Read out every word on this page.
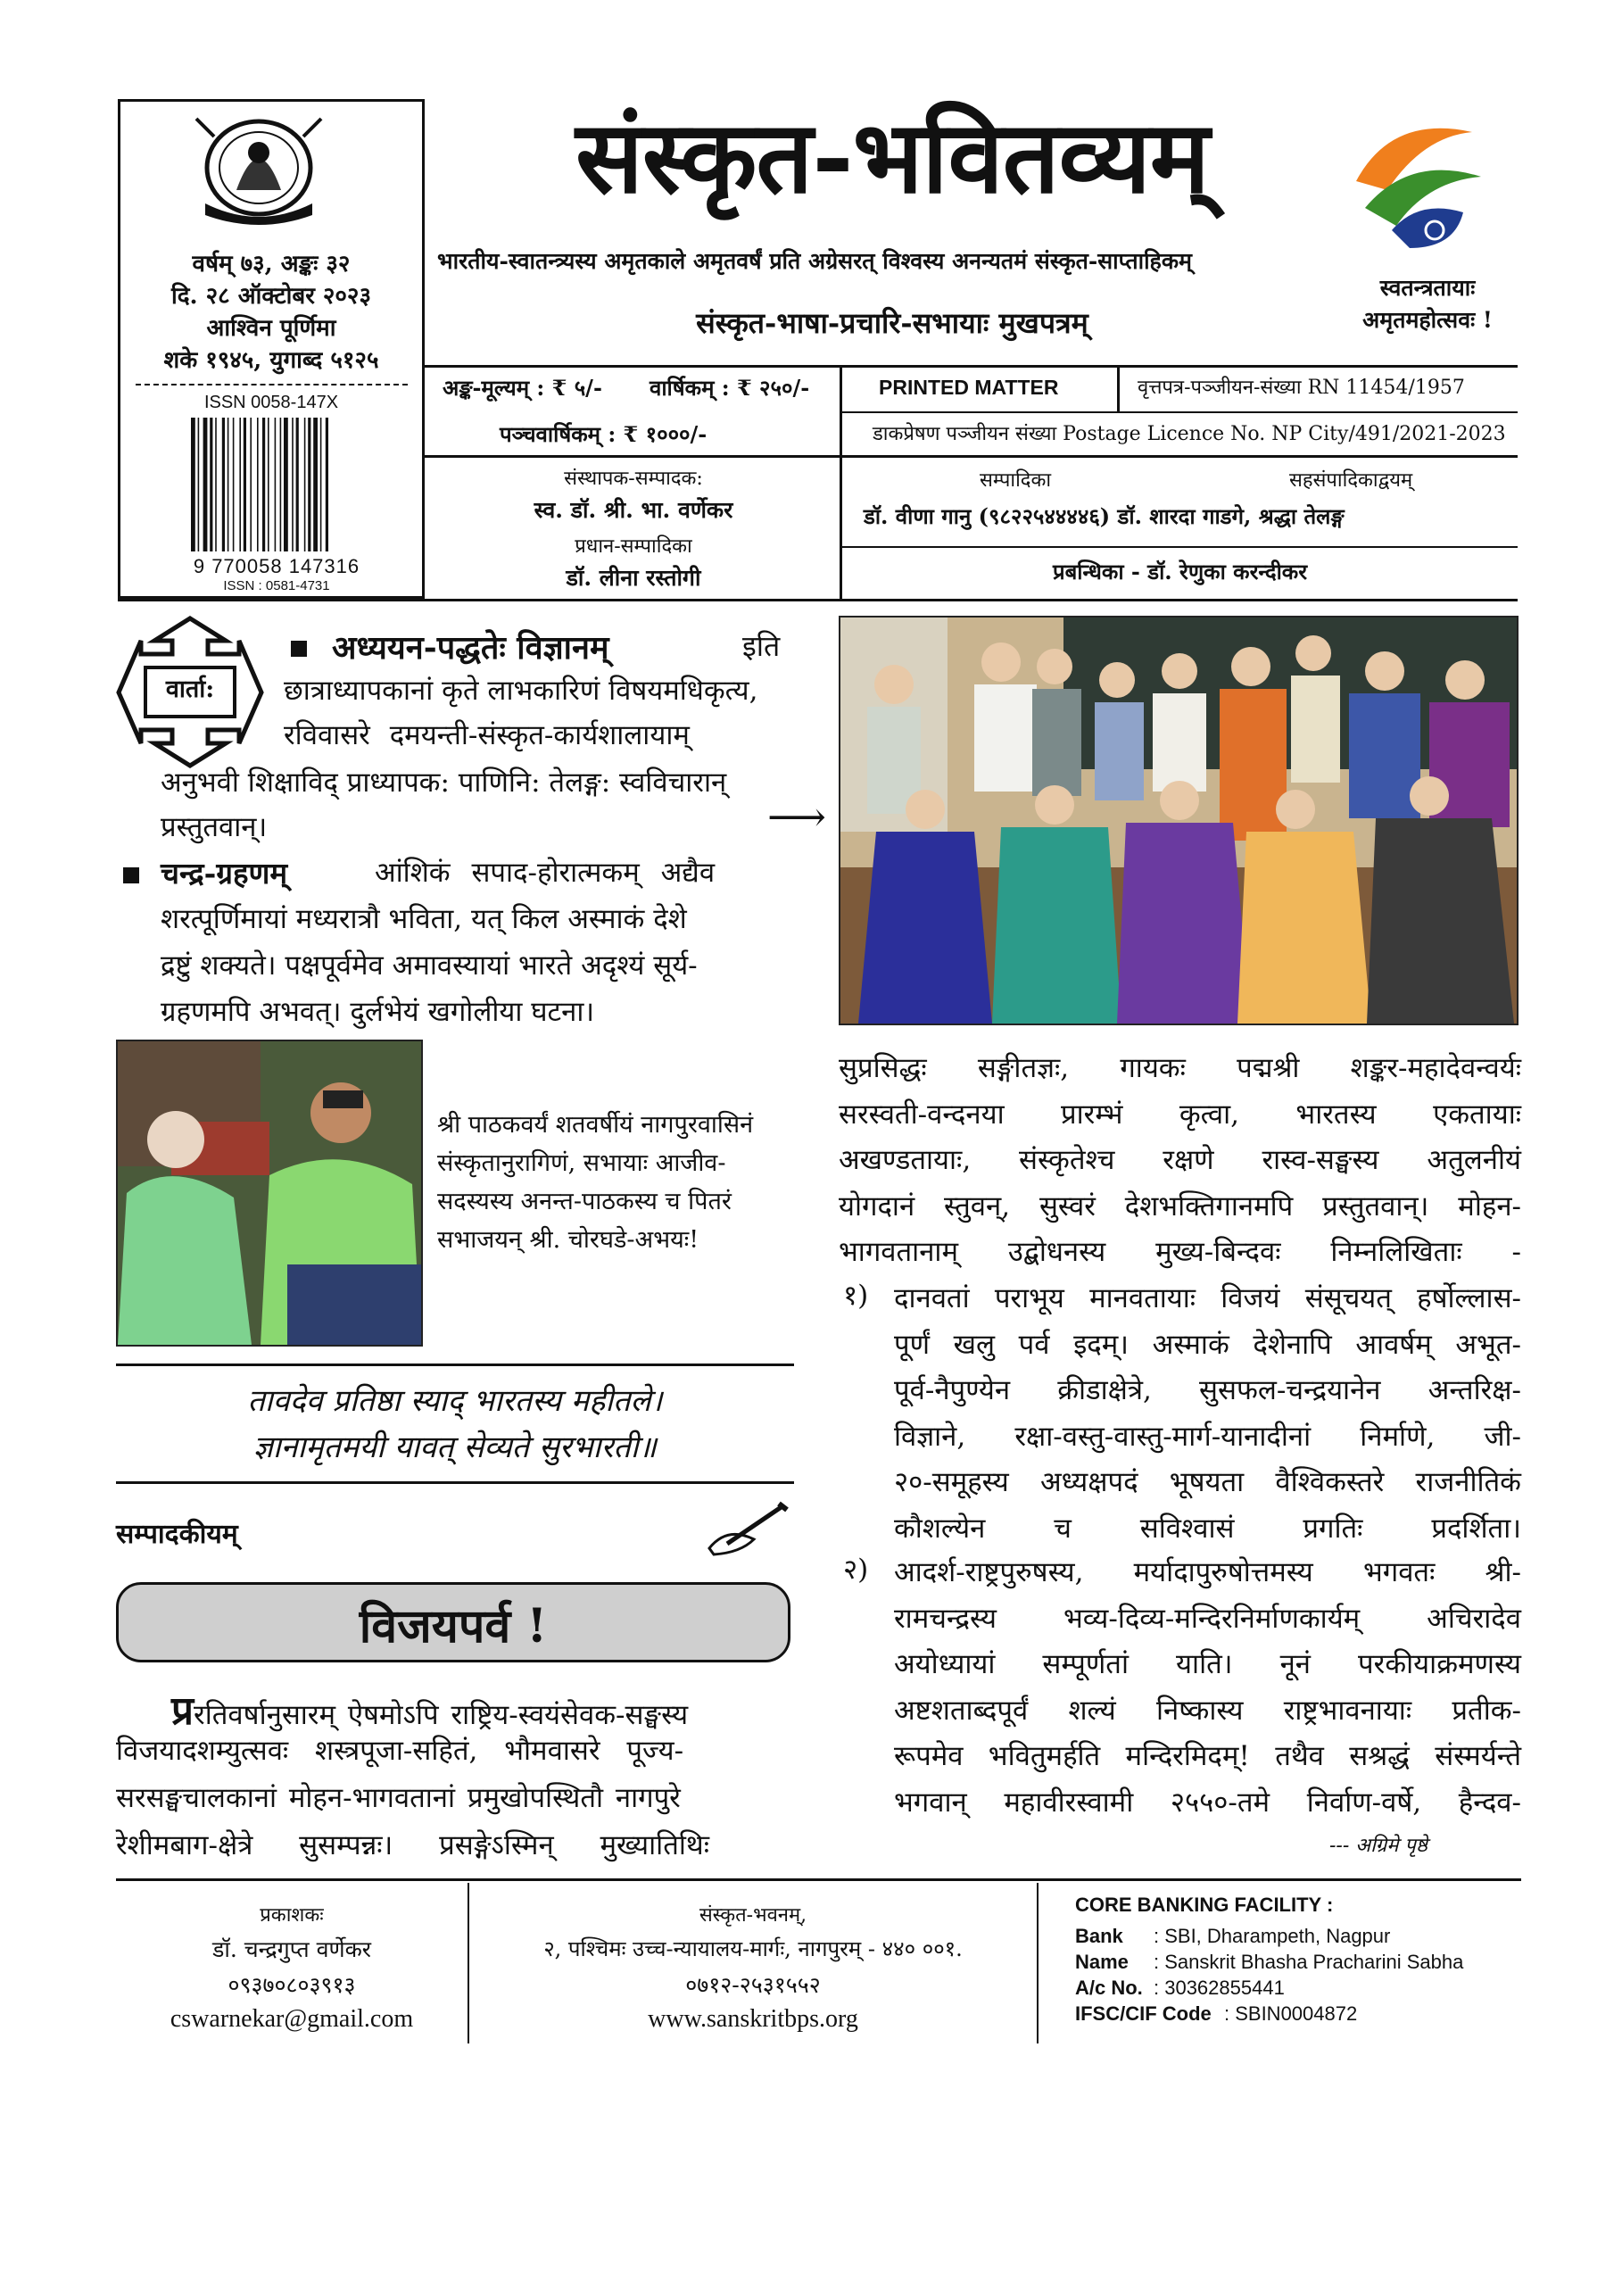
वर्षम् ७३, अङ्कः ३२
दि. २८ ऑक्टोबर २०२३
आश्विन पूर्णिमा
शके १९४५, युगाब्द ५१२५
ISSN 0058-147X
9 770058 147316
ISSN : 0581-4731
संस्कृत-भवितव्यम्
भारतीय-स्वातन्त्र्यस्य अमृतकाले अमृतवर्षं प्रति अग्रेसरत् विश्वस्य अनन्यतमं संस्कृत-साप्ताहिकम्
संस्कृत-भाषा-प्रचारि-सभायाः मुखपत्रम्
स्वतन्त्रतायाः अमृतमहोत्सवः !
अङ्क-मूल्यम् : ₹ ५/- वार्षिकम् : ₹ २५०/-
पञ्चवार्षिकम् : ₹ १०००/-
PRINTED MATTER	वृत्तपत्र-पञ्जीयन-संख्या RN 11454/1957
डाकप्रेषण पञ्जीयन संख्या Postage Licence No. NP City/491/2021-2023
संस्थापक-सम्पादक:
स्व. डॉ. श्री. भा. वर्णेकर
प्रधान-सम्पादिका
डॉ. लीना रस्तोगी
सम्पादिका	सहसंपादिकाद्वयम्
डॉ. वीणा गानु (९८२२५४४४४६) डॉ. शारदा गाडगे, श्रद्धा तेलङ्ग
प्रबन्धिका - डॉ. रेणुका करन्दीकर
वार्ता:
अध्ययन-पद्धतेः विज्ञानम्	इति
छात्राध्यापकानां कृते लाभकारिणं विषयमधिकृत्य,
रविवासरे दमयन्ती-संस्कृत-कार्यशालायाम्
अनुभवी शिक्षाविद् प्राध्यापक: पाणिनि: तेलङ्ग: स्वविचारान्
प्रस्तुतवान्।	⟶
चन्द्र-ग्रहणम्	आंशिकं सपाद-होरात्मकम् अद्यैव
शरत्पूर्णिमायां मध्यरात्रौ भविता, यत् किल अस्माकं देशे
द्रष्टुं शक्यते। पक्षपूर्वमेव अमावस्यायां भारते अदृश्यं सूर्य-
ग्रहणमपि अभवत्। दुर्लभेयं खगोलीया घटना।
श्री पाठकवर्यं शतवर्षीयं नागपुरवासिनं
संस्कृतानुरागिणं, सभायाः आजीव-
सदस्यस्य अनन्त-पाठकस्य च पितरं
सभाजयन् श्री. चोरघडे-अभयः!
तावदेव प्रतिष्ठा स्याद् भारतस्य महीतले।
ज्ञानामृतमयी यावत् सेव्यते सुरभारती॥
सम्पादकीयम्
विजयपर्व !
प्ररतिवर्षानुसारम् ऐषमोऽपि राष्ट्रिय-स्वयंसेवक-सङ्घस्य
विजयादशम्युत्सवः शस्त्रपूजा-सहितं, भौमवासरे पूज्य-
सरसङ्घचालकानां मोहन-भागवतानां प्रमुखोपस्थितौ नागपुरे
रेशीमबाग-क्षेत्रे सुसम्पन्नः। प्रसङ्गेऽस्मिन् मुख्यातिथिः
सुप्रसिद्धः सङ्गीतज्ञः, गायकः पद्मश्री शङ्कर-महादेवन्वर्यः
सरस्वती-वन्दनया प्रारम्भं कृत्वा, भारतस्य एकतायाः
अखण्डतायाः, संस्कृतेश्च रक्षणे रास्व-सङ्घस्य अतुलनीयं
योगदानं स्तुवन्, सुस्वरं देशभक्तिगानमपि प्रस्तुतवान्। मोहन-
भागवतानाम् उद्बोधनस्य मुख्य-बिन्दवः निम्नलिखिताः -
१) दानवतां पराभूय मानवतायाः विजयं संसूचयत् हर्षोल्लास-
पूर्णं खलु पर्व इदम्। अस्माकं देशेनापि आवर्षम् अभूत-
पूर्व-नैपुण्येन क्रीडाक्षेत्रे, सुसफल-चन्द्रयानेन अन्तरिक्ष-
विज्ञाने, रक्षा-वस्तु-वास्तु-मार्ग-यानादीनां निर्माणे, जी-
२०-समूहस्य अध्यक्षपदं भूषयता वैश्विकस्तरे राजनीतिकं
कौशल्येन च सविश्वासं प्रगतिः प्रदर्शिता।
२) आदर्श-राष्ट्रपुरुषस्य, मर्यादापुरुषोत्तमस्य भगवतः श्री-
रामचन्द्रस्य भव्य-दिव्य-मन्दिरनिर्माणकार्यम् अचिरादेव
अयोध्यायां सम्पूर्णतां याति। नूनं परकीयाक्रमणस्य
अष्टशताब्दपूर्वं शल्यं निष्कास्य राष्ट्रभावनायाः प्रतीक-
रूपमेव भवितुमर्हति मन्दिरमिदम्! तथैव सश्रद्धं संस्मर्यन्ते
भगवान् महावीरस्वामी २५५०-तमे निर्वाण-वर्षे, हैन्दव-
--- अग्रिमे पृष्ठे
प्रकाशकः
डॉ. चन्द्रगुप्त वर्णेकर
०९३७०८०३९१३
cswarnekar@gmail.com
संस्कृत-भवनम्,
२, पश्चिमः उच्च-न्यायालय-मार्गः, नागपुरम् - ४४० ००१.
०७१२-२५३१५५२
www.sanskritbps.org
CORE BANKING FACILITY :
Bank : SBI, Dharampeth, Nagpur
Name : Sanskrit Bhasha Pracharini Sabha
A/c No. : 30362855441
IFSC/CIF Code : SBIN0004872
